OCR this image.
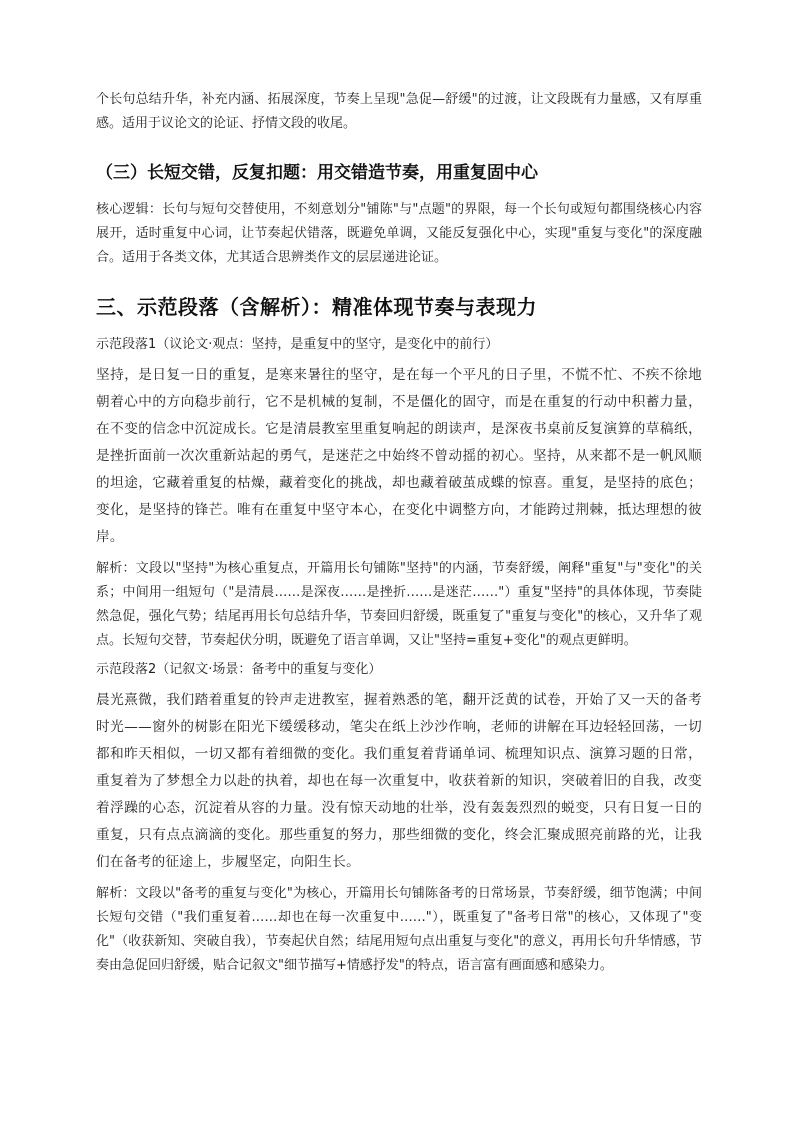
个长句总结升华，补充内涵、拓展深度，节奏上呈现"急促—舒缓"的过渡，让文段既有力量感，又有厚重感。适用于议论文的论证、抒情文段的收尾。

（三）长短交错，反复扣题：用交错造节奏，用重复固中心

核心逻辑：长句与短句交替使用，不刻意划分"铺陈"与"点题"的界限，每一个长句或短句都围绕核心内容展开，适时重复中心词，让节奏起伏错落，既避免单调，又能反复强化中心，实现"重复与变化"的深度融合。适用于各类文体，尤其适合思辨类作文的层层递进论证。

三、示范段落（含解析）：精准体现节奏与表现力

示范段落1（议论文·观点：坚持，是重复中的坚守，是变化中的前行）

坚持，是日复一日的重复，是寒来暑往的坚守，是在每一个平凡的日子里，不慌不忙、不疾不徐地朝着心中的方向稳步前行，它不是机械的复制，不是僵化的固守，而是在重复的行动中积蓄力量，在不变的信念中沉淀成长。它是清晨教室里重复响起的朗读声，是深夜书桌前反复演算的草稿纸，是挫折面前一次次重新站起的勇气，是迷茫之中始终不曾动摇的初心。坚持，从来都不是一帆风顺的坦途，它藏着重复的枯燥，藏着变化的挑战，却也藏着破茧成蝶的惊喜。重复，是坚持的底色；变化，是坚持的锋芒。唯有在重复中坚守本心，在变化中调整方向，才能跨过荆棘，抵达理想的彼岸。

解析：文段以"坚持"为核心重复点，开篇用长句铺陈"坚持"的内涵，节奏舒缓，阐释"重复"与"变化"的关系；中间用一组短句（"是清晨……是深夜……是挫折……是迷茫……"）重复"坚持"的具体体现，节奏陡然急促，强化气势；结尾再用长句总结升华，节奏回归舒缓，既重复了"重复与变化"的核心，又升华了观点。长短句交替，节奏起伏分明，既避免了语言单调，又让"坚持=重复+变化"的观点更鲜明。

示范段落2（记叙文·场景：备考中的重复与变化）

晨光熹微，我们踏着重复的铃声走进教室，握着熟悉的笔，翻开泛黄的试卷，开始了又一天的备考时光——窗外的树影在阳光下缓缓移动，笔尖在纸上沙沙作响，老师的讲解在耳边轻轻回荡，一切都和昨天相似，一切又都有着细微的变化。我们重复着背诵单词、梳理知识点、演算习题的日常，重复着为了梦想全力以赴的执着，却也在每一次重复中，收获着新的知识，突破着旧的自我，改变着浮躁的心态，沉淀着从容的力量。没有惊天动地的壮举，没有轰轰烈烈的蜕变，只有日复一日的重复，只有点点滴滴的变化。那些重复的努力，那些细微的变化，终会汇聚成照亮前路的光，让我们在备考的征途上，步履坚定，向阳生长。

解析：文段以"备考的重复与变化"为核心，开篇用长句铺陈备考的日常场景，节奏舒缓，细节饱满；中间长短句交错（"我们重复着……却也在每一次重复中……"），既重复了"备考日常"的核心，又体现了"变化"（收获新知、突破自我），节奏起伏自然；结尾用短句点出重复与变化"的意义，再用长句升华情感，节奏由急促回归舒缓，贴合记叙文"细节描写+情感抒发"的特点，语言富有画面感和感染力。
